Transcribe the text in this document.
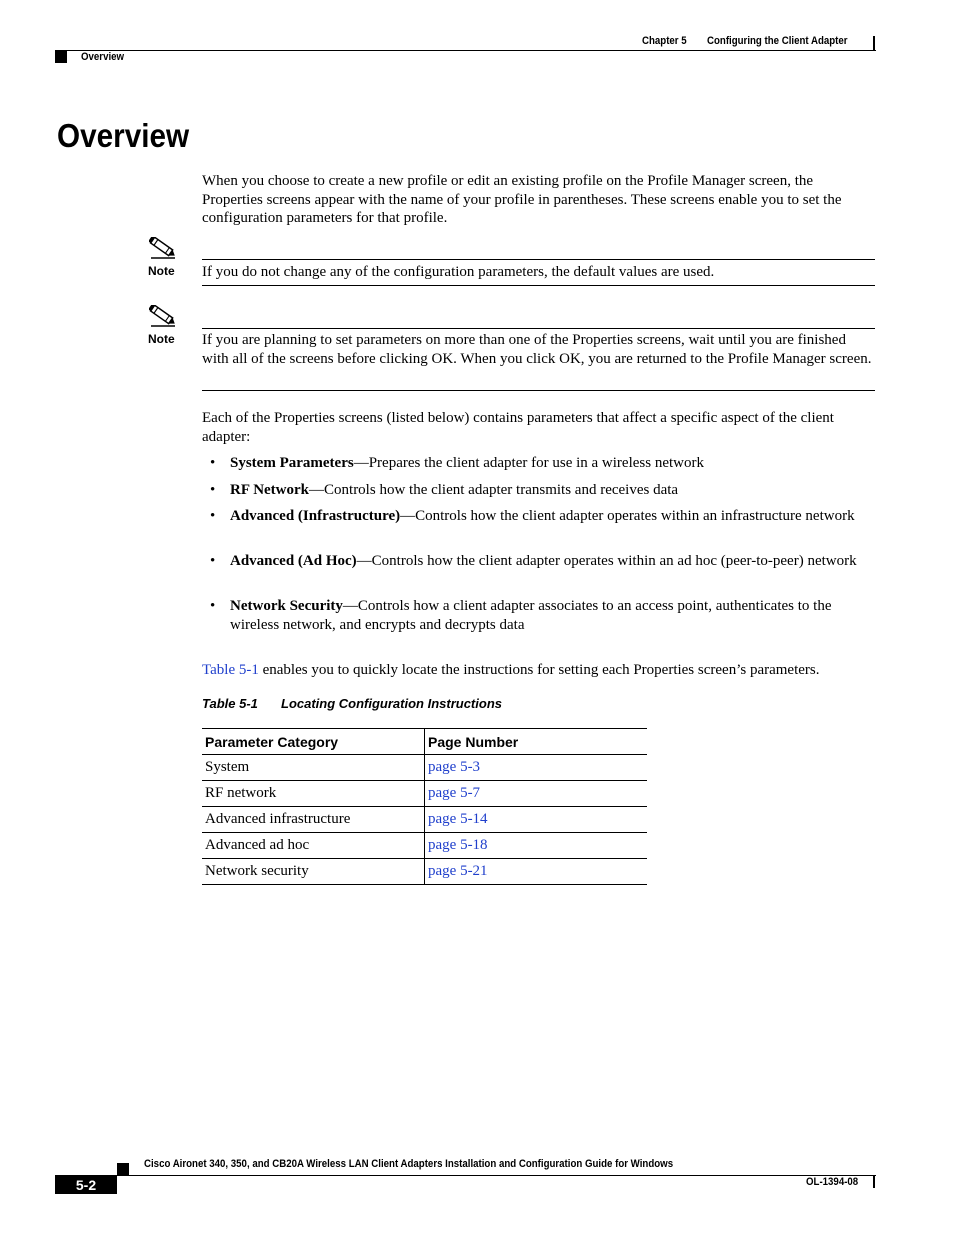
Chapter 5 Configuring the Client Adapter
Overview
Overview
When you choose to create a new profile or edit an existing profile on the Profile Manager screen, the Properties screens appear with the name of your profile in parentheses. These screens enable you to set the configuration parameters for that profile.
Note If you do not change any of the configuration parameters, the default values are used.
Note If you are planning to set parameters on more than one of the Properties screens, wait until you are finished with all of the screens before clicking OK. When you click OK, you are returned to the Profile Manager screen.
Each of the Properties screens (listed below) contains parameters that affect a specific aspect of the client adapter:
• System Parameters—Prepares the client adapter for use in a wireless network
• RF Network—Controls how the client adapter transmits and receives data
• Advanced (Infrastructure)—Controls how the client adapter operates within an infrastructure network
• Advanced (Ad Hoc)—Controls how the client adapter operates within an ad hoc (peer-to-peer) network
• Network Security—Controls how a client adapter associates to an access point, authenticates to the wireless network, and encrypts and decrypts data
Table 5-1 enables you to quickly locate the instructions for setting each Properties screen’s parameters.
Table 5-1 Locating Configuration Instructions
Parameter Category	Page Number
System	page 5-3
RF network	page 5-7
Advanced infrastructure	page 5-14
Advanced ad hoc	page 5-18
Network security	page 5-21
Cisco Aironet 340, 350, and CB20A Wireless LAN Client Adapters Installation and Configuration Guide for Windows
5-2	OL-1394-08
